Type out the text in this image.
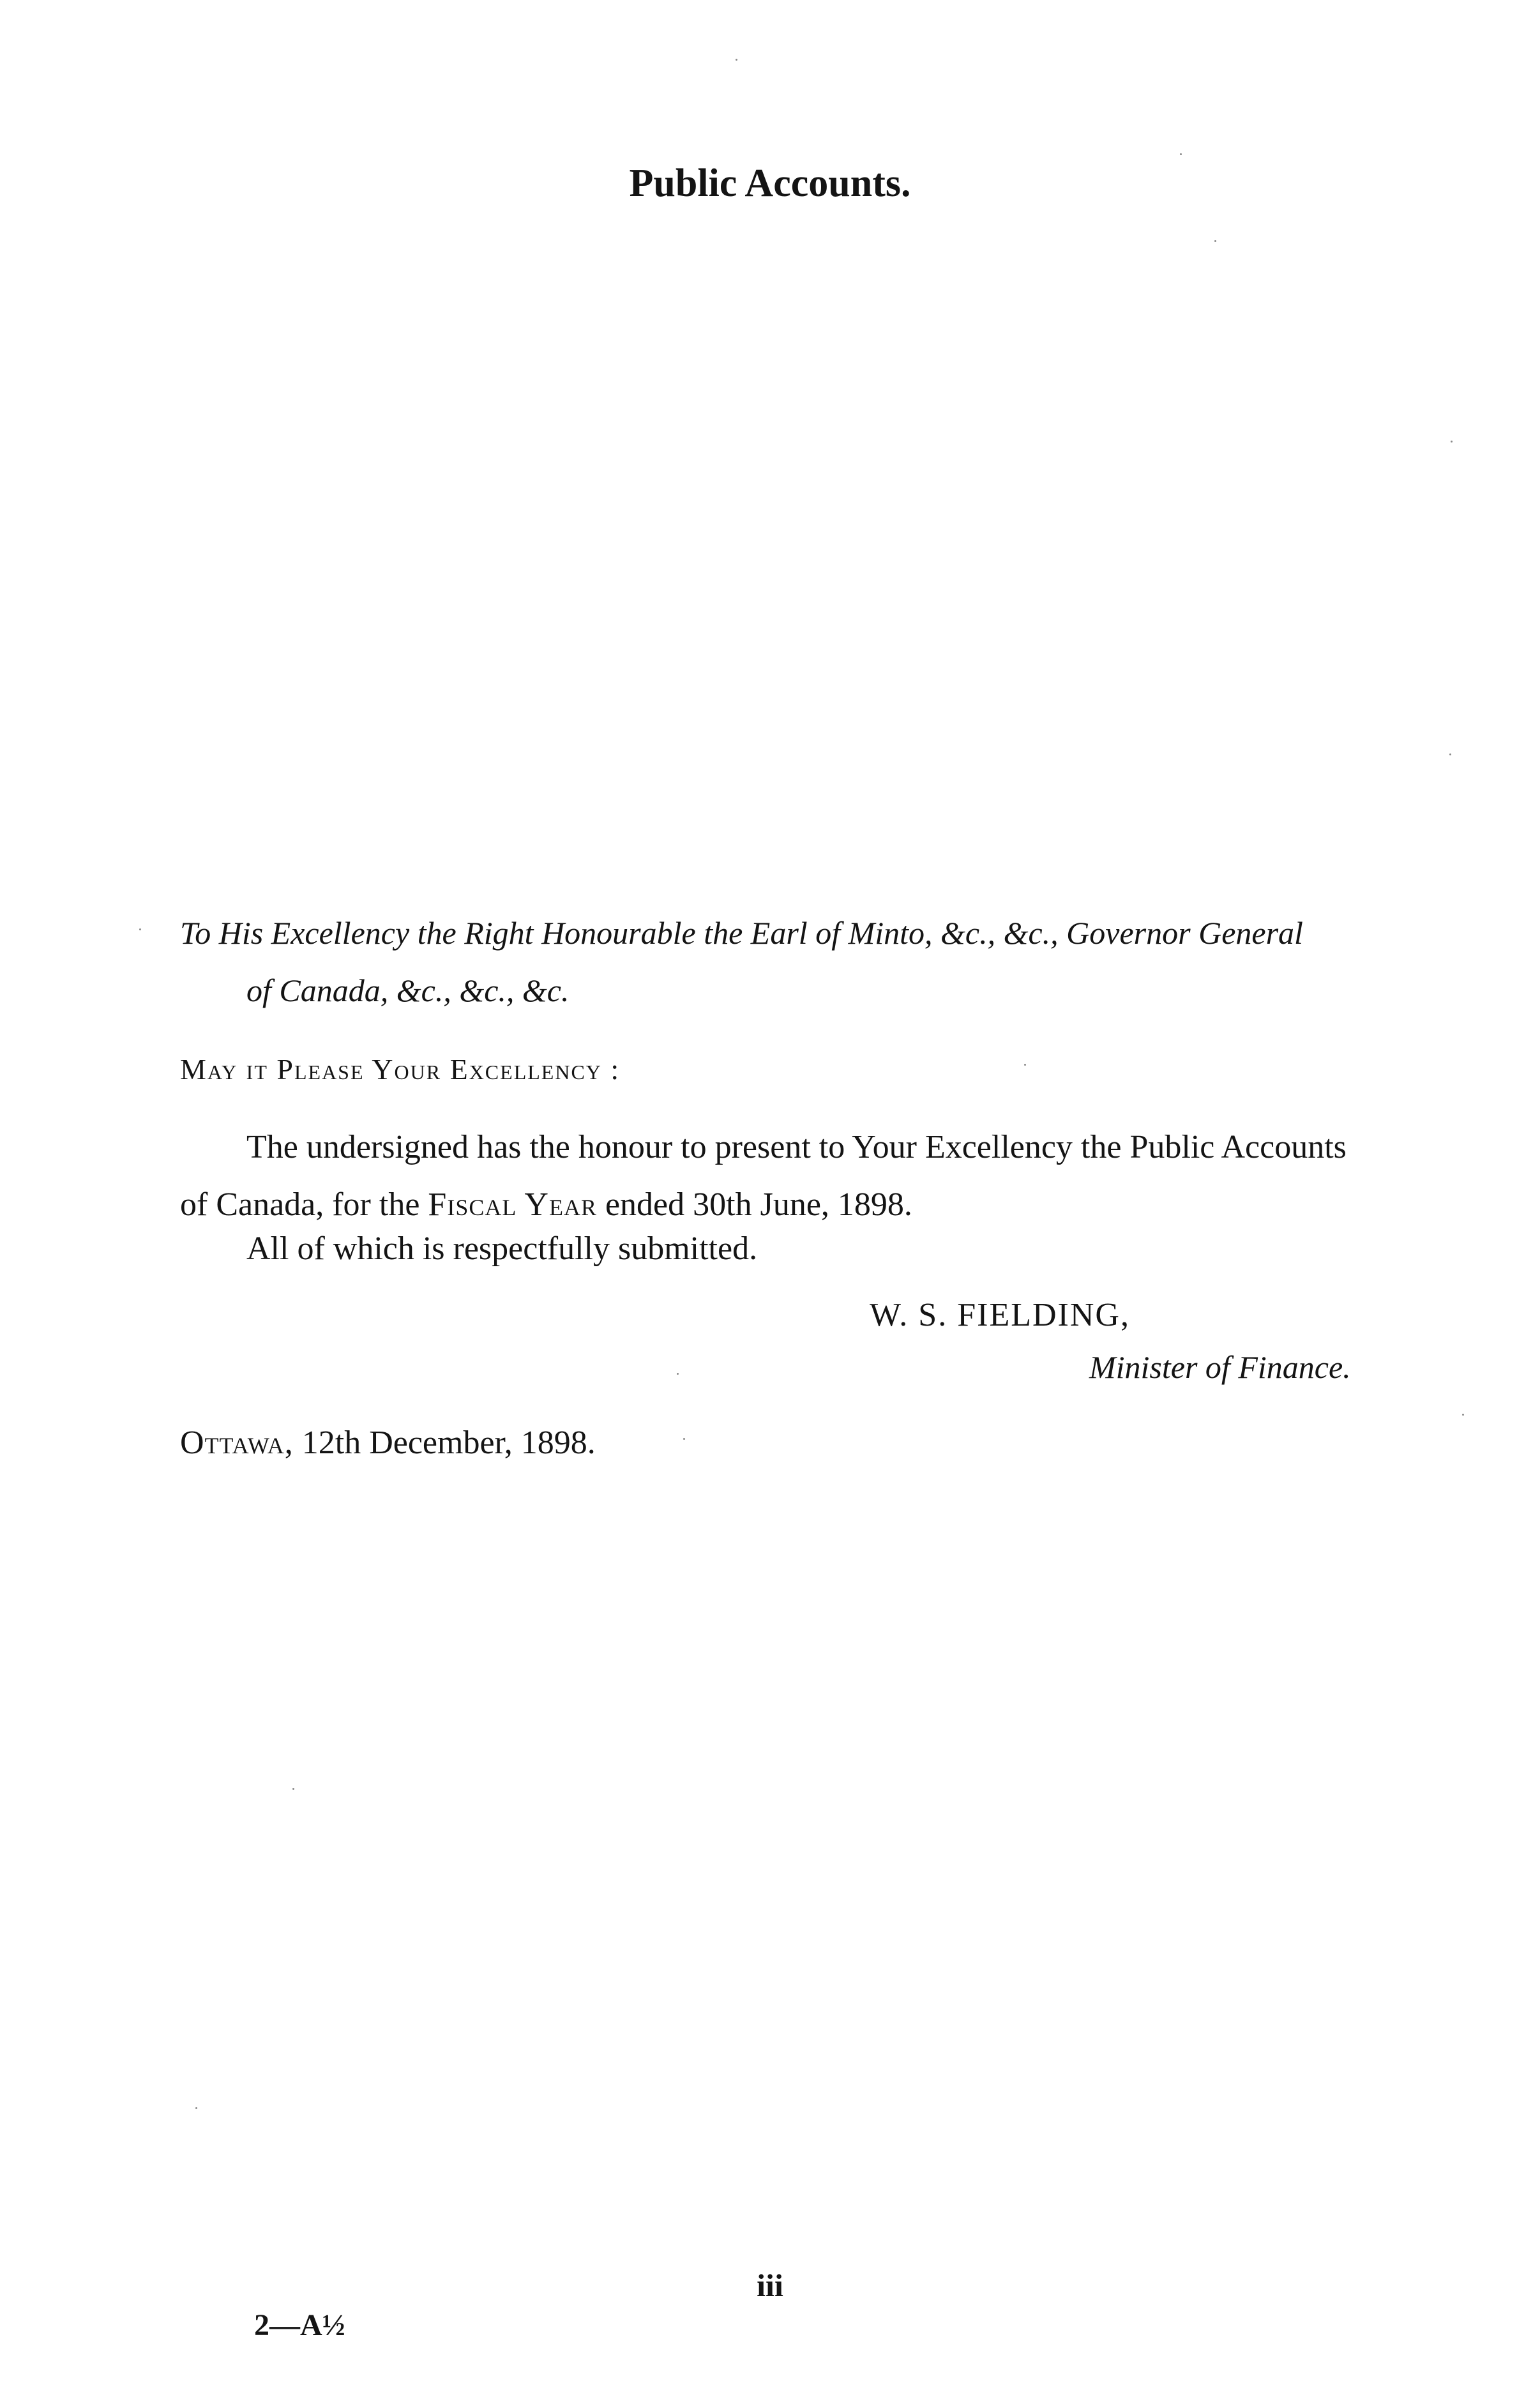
Public Accounts.
To His Excellency the Right Honourable the Earl of Minto, &c., &c., Governor General
of Canada, &c., &c., &c.
May it Please Your Excellency :
The undersigned has the honour to present to Your Excellency the Public Accounts
of Canada, for the Fiscal Year ended 30th June, 1898.
All of which is respectfully submitted.
W. S. FIELDING,
Minister of Finance.
Ottawa, 12th December, 1898.
iii
2—A½
